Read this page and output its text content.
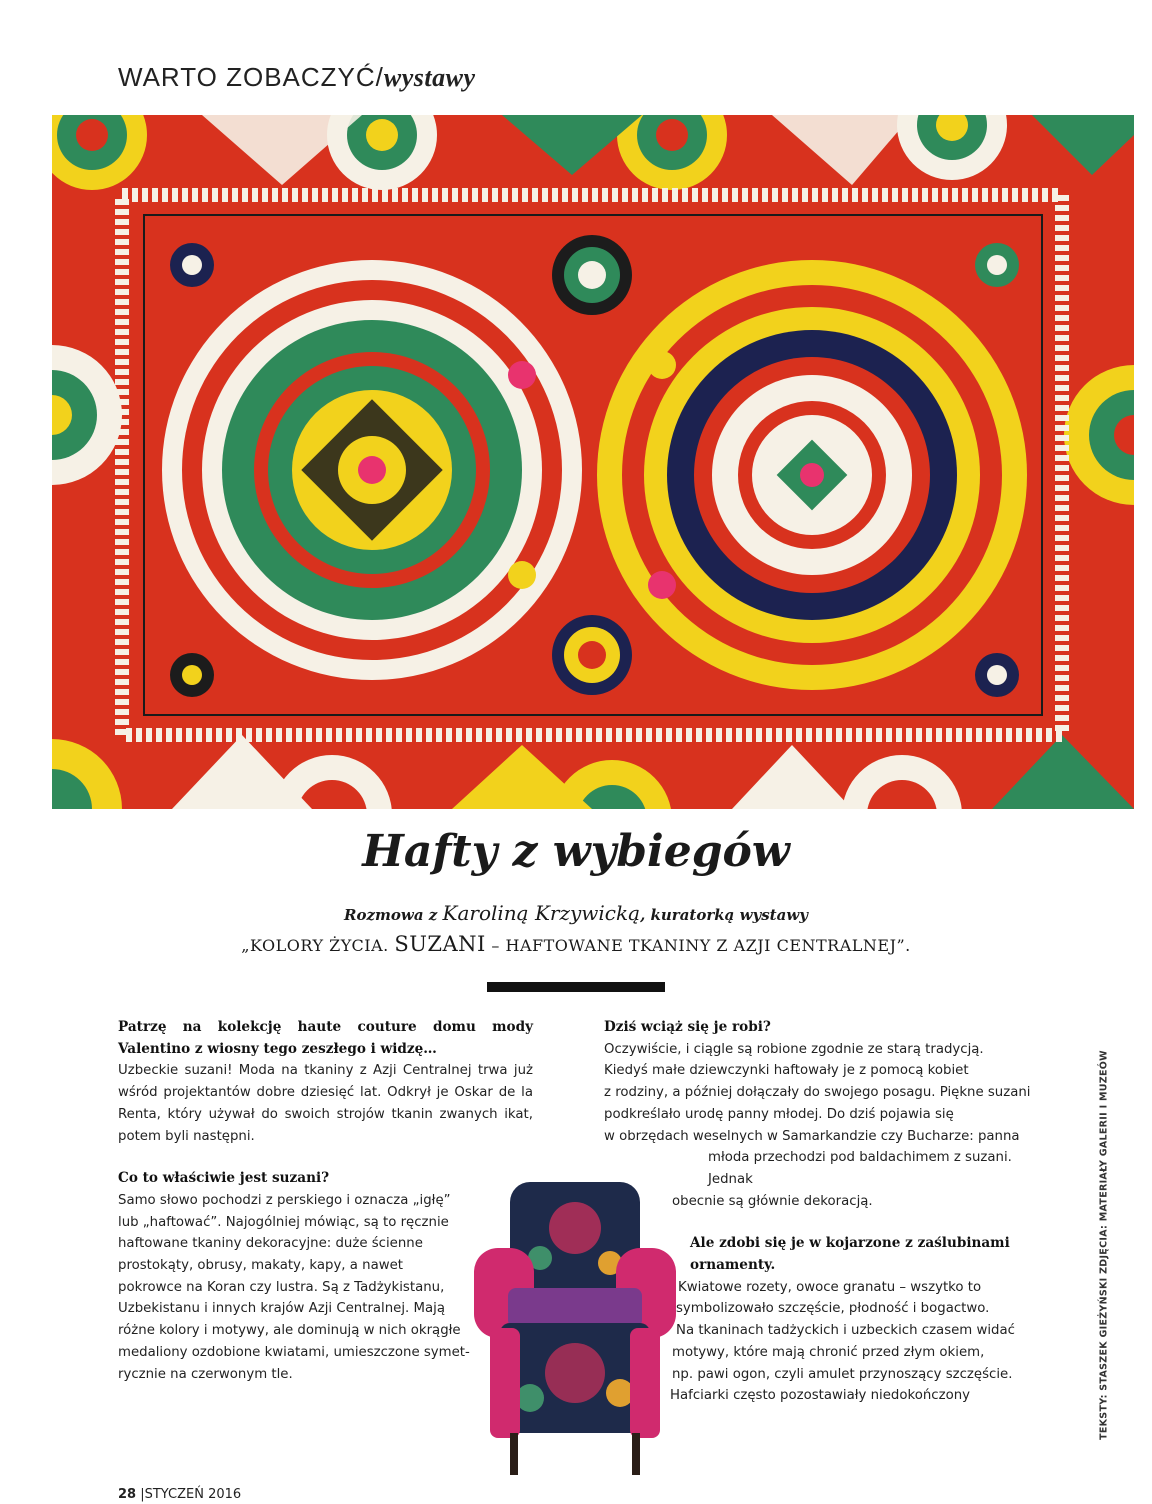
WARTO ZOBACZYĆ/wystawy
Hafty z wybiegów
Rozmowa z Karoliną Krzywicką, kuratorką wystawy
„KOLORY ŻYCIA. SUZANI – HAFTOWANE TKANINY Z AZJI CENTRALNEJ”.

Patrzę na kolekcję haute couture domu mody Valentino z wiosny tego zeszłego i widzę…

Uzbeckie suzani! Moda na tkaniny z Azji Centralnej trwa już wśród projektantów dobre dziesięć lat. Odkrył je Oskar de la Renta, który używał do swoich strojów tkanin zwanych ikat, potem byli następni.

Co to właściwie jest suzani?

Samo słowo pochodzi z perskiego i oznacza „igłę”
lub „haftować”. Najogólniej mówiąc, są to ręcznie
haftowane tkaniny dekoracyjne: duże ścienne
prostokąty, obrusy, makaty, kapy, a nawet
pokrowce na Koran czy lustra. Są z Tadżykistanu,
Uzbekistanu i innych krajów Azji Centralnej. Mają
różne kolory i motywy, ale dominują w nich okrągłe
medaliony ozdobione kwiatami, umieszczone symet-
rycznie na czerwonym tle.

Dziś wciąż się je robi?

Oczywiście, i ciągle są robione zgodnie ze starą tradycją.
Kiedyś małe dziewczynki haftowały je z pomocą kobiet
z rodziny, a później dołączały do swojego posagu. Piękne suzani
podkreślało urodę panny młodej. Do dziś pojawia się
w obrzędach weselnych w Samarkandzie czy Bucharze: panna
młoda przechodzi pod baldachimem z suzani. Jednak
obecnie są głównie dekoracją.
Ale zdobi się je w kojarzone z zaślubinami
ornamenty.
Kwiatowe rozety, owoce granatu – wszytko to
symbolizowało szczęście, płodność i bogactwo.
Na tkaninach tadżyckich i uzbeckich czasem widać
motywy, które mają chronić przed złym okiem,
np. pawi ogon, czyli amulet przynoszący szczęście.
Hafciarki często pozostawiały niedokończony	TEKSTY: STASZEK GIEŻYŃSKI ZDJĘCIA: MATERIAŁY GALERII I MUZEÓW
28 |STYCZEŃ 2016
